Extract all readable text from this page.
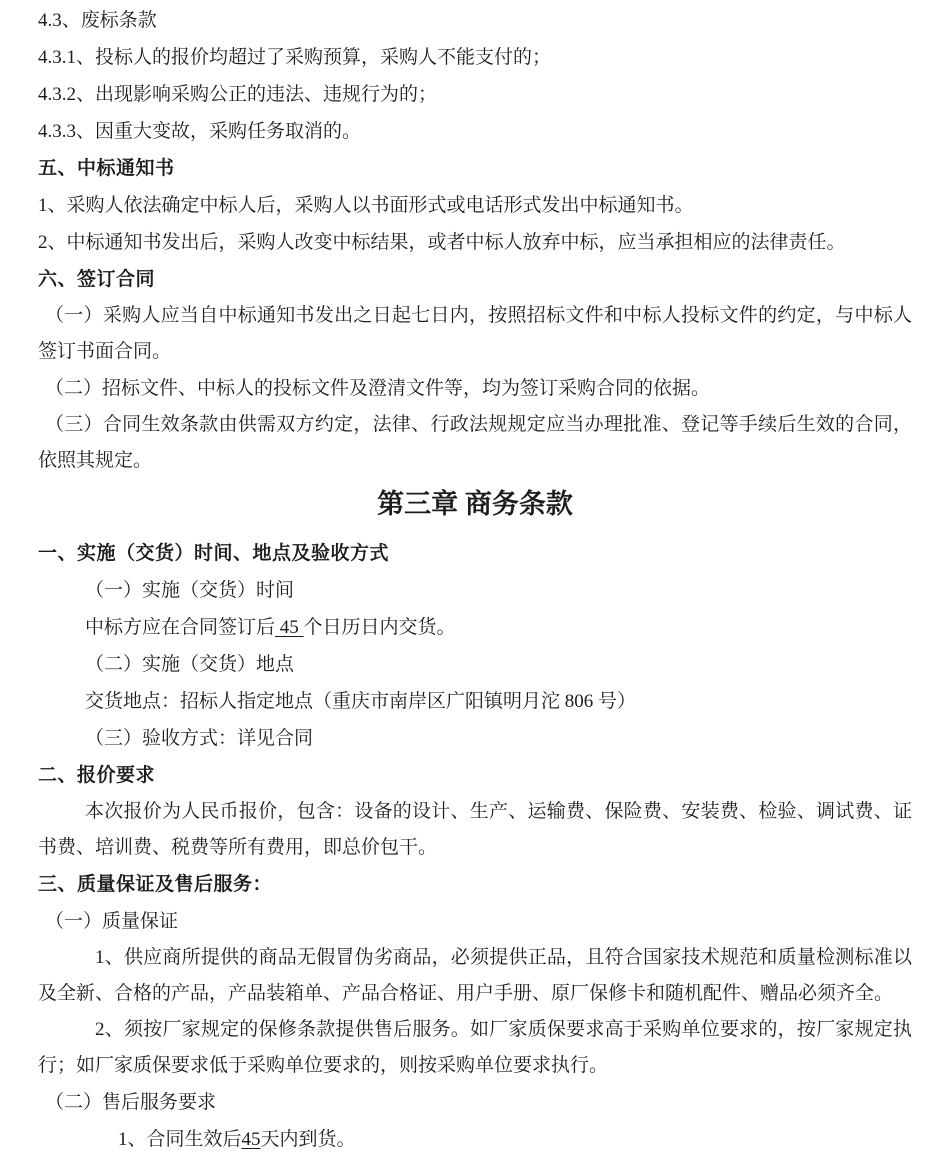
4.3、废标条款

4.3.1、投标人的报价均超过了采购预算，采购人不能支付的；

4.3.2、出现影响采购公正的违法、违规行为的；

4.3.3、因重大变故，采购任务取消的。

五、中标通知书

1、采购人依法确定中标人后，采购人以书面形式或电话形式发出中标通知书。

2、中标通知书发出后，采购人改变中标结果，或者中标人放弃中标，应当承担相应的法律责任。

六、签订合同

（一）采购人应当自中标通知书发出之日起七日内，按照招标文件和中标人投标文件的约定，与中标人签订书面合同。

（二）招标文件、中标人的投标文件及澄清文件等，均为签订采购合同的依据。

（三）合同生效条款由供需双方约定，法律、行政法规规定应当办理批准、登记等手续后生效的合同，依照其规定。

第三章 商务条款

一、实施（交货）时间、地点及验收方式

（一）实施（交货）时间

中标方应在合同签订后 45 个日历日内交货。

（二）实施（交货）地点

交货地点：招标人指定地点（重庆市南岸区广阳镇明月沱 806 号）

（三）验收方式：详见合同

二、报价要求

本次报价为人民币报价，包含：设备的设计、生产、运输费、保险费、安装费、检验、调试费、证书费、培训费、税费等所有费用，即总价包干。

三、质量保证及售后服务：

（一）质量保证

1、供应商所提供的商品无假冒伪劣商品，必须提供正品，且符合国家技术规范和质量检测标准以及全新、合格的产品，产品装箱单、产品合格证、用户手册、原厂保修卡和随机配件、赠品必须齐全。

2、须按厂家规定的保修条款提供售后服务。如厂家质保要求高于采购单位要求的，按厂家规定执行；如厂家质保要求低于采购单位要求的，则按采购单位要求执行。

（二）售后服务要求

1、合同生效后45天内到货。
